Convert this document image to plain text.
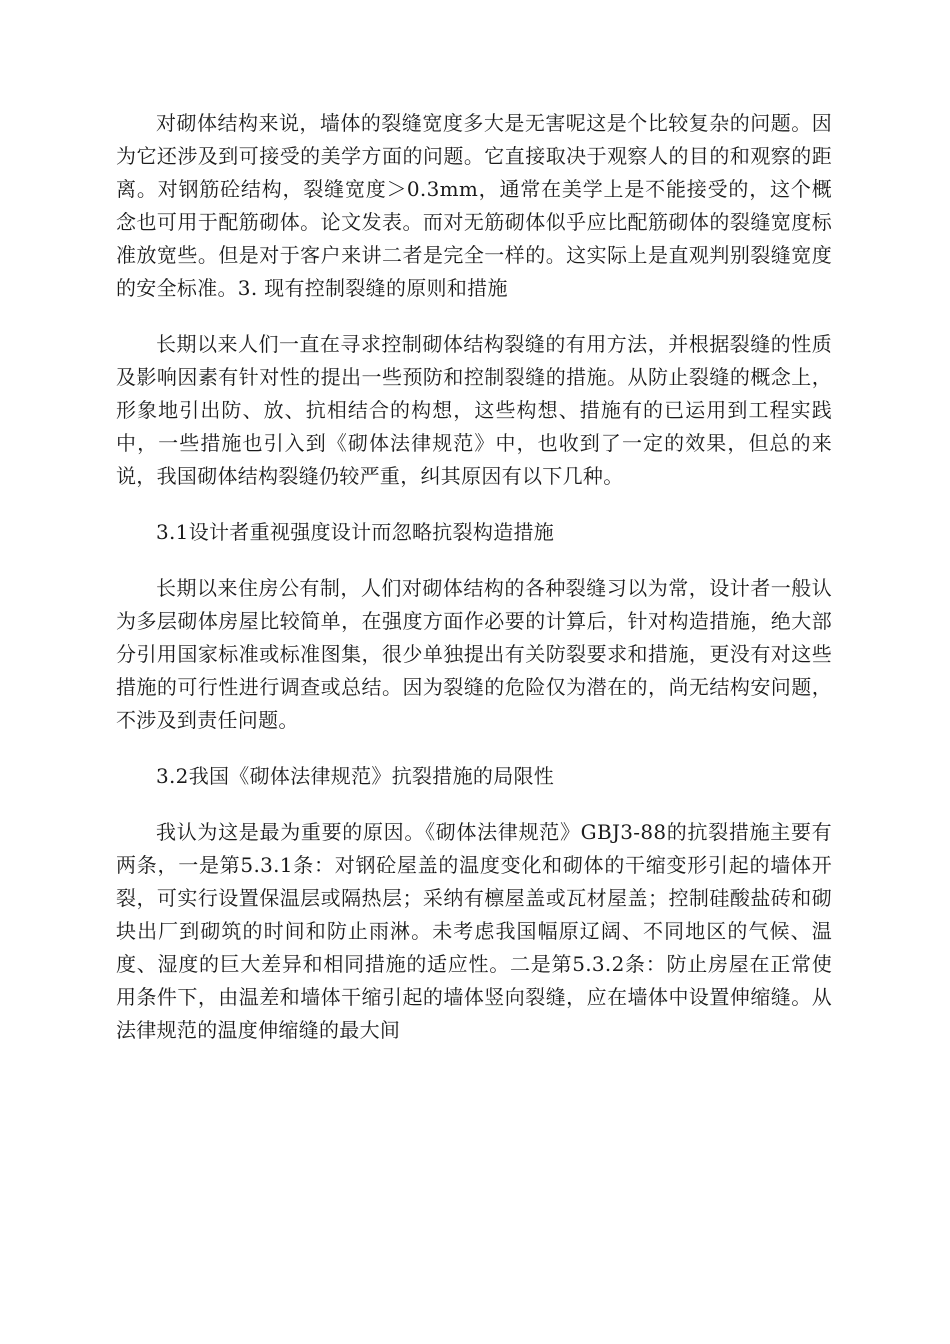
对砌体结构来说，墙体的裂缝宽度多大是无害呢这是个比较复杂的问题。因为它还涉及到可接受的美学方面的问题。它直接取决于观察人的目的和观察的距离。对钢筋砼结构，裂缝宽度＞0.3mm，通常在美学上是不能接受的，这个概念也可用于配筋砌体。论文发表。而对无筋砌体似乎应比配筋砌体的裂缝宽度标准放宽些。但是对于客户来讲二者是完全一样的。这实际上是直观判别裂缝宽度的安全标准。3. 现有控制裂缝的原则和措施

长期以来人们一直在寻求控制砌体结构裂缝的有用方法，并根据裂缝的性质及影响因素有针对性的提出一些预防和控制裂缝的措施。从防止裂缝的概念上，形象地引出防、放、抗相结合的构想，这些构想、措施有的已运用到工程实践中，一些措施也引入到《砌体法律规范》中，也收到了一定的效果，但总的来说，我国砌体结构裂缝仍较严重，纠其原因有以下几种。

3.1设计者重视强度设计而忽略抗裂构造措施

长期以来住房公有制，人们对砌体结构的各种裂缝习以为常，设计者一般认为多层砌体房屋比较简单，在强度方面作必要的计算后，针对构造措施，绝大部分引用国家标准或标准图集，很少单独提出有关防裂要求和措施，更没有对这些措施的可行性进行调查或总结。因为裂缝的危险仅为潜在的，尚无结构安问题，不涉及到责任问题。

3.2我国《砌体法律规范》抗裂措施的局限性

我认为这是最为重要的原因。《砌体法律规范》GBJ3-88的抗裂措施主要有两条，一是第5.3.1条：对钢砼屋盖的温度变化和砌体的干缩变形引起的墙体开裂，可实行设置保温层或隔热层；采纳有檩屋盖或瓦材屋盖；控制硅酸盐砖和砌块出厂到砌筑的时间和防止雨淋。未考虑我国幅原辽阔、不同地区的气候、温度、湿度的巨大差异和相同措施的适应性。二是第5.3.2条：防止房屋在正常使用条件下，由温差和墙体干缩引起的墙体竖向裂缝，应在墙体中设置伸缩缝。从法律规范的温度伸缩缝的最大间
